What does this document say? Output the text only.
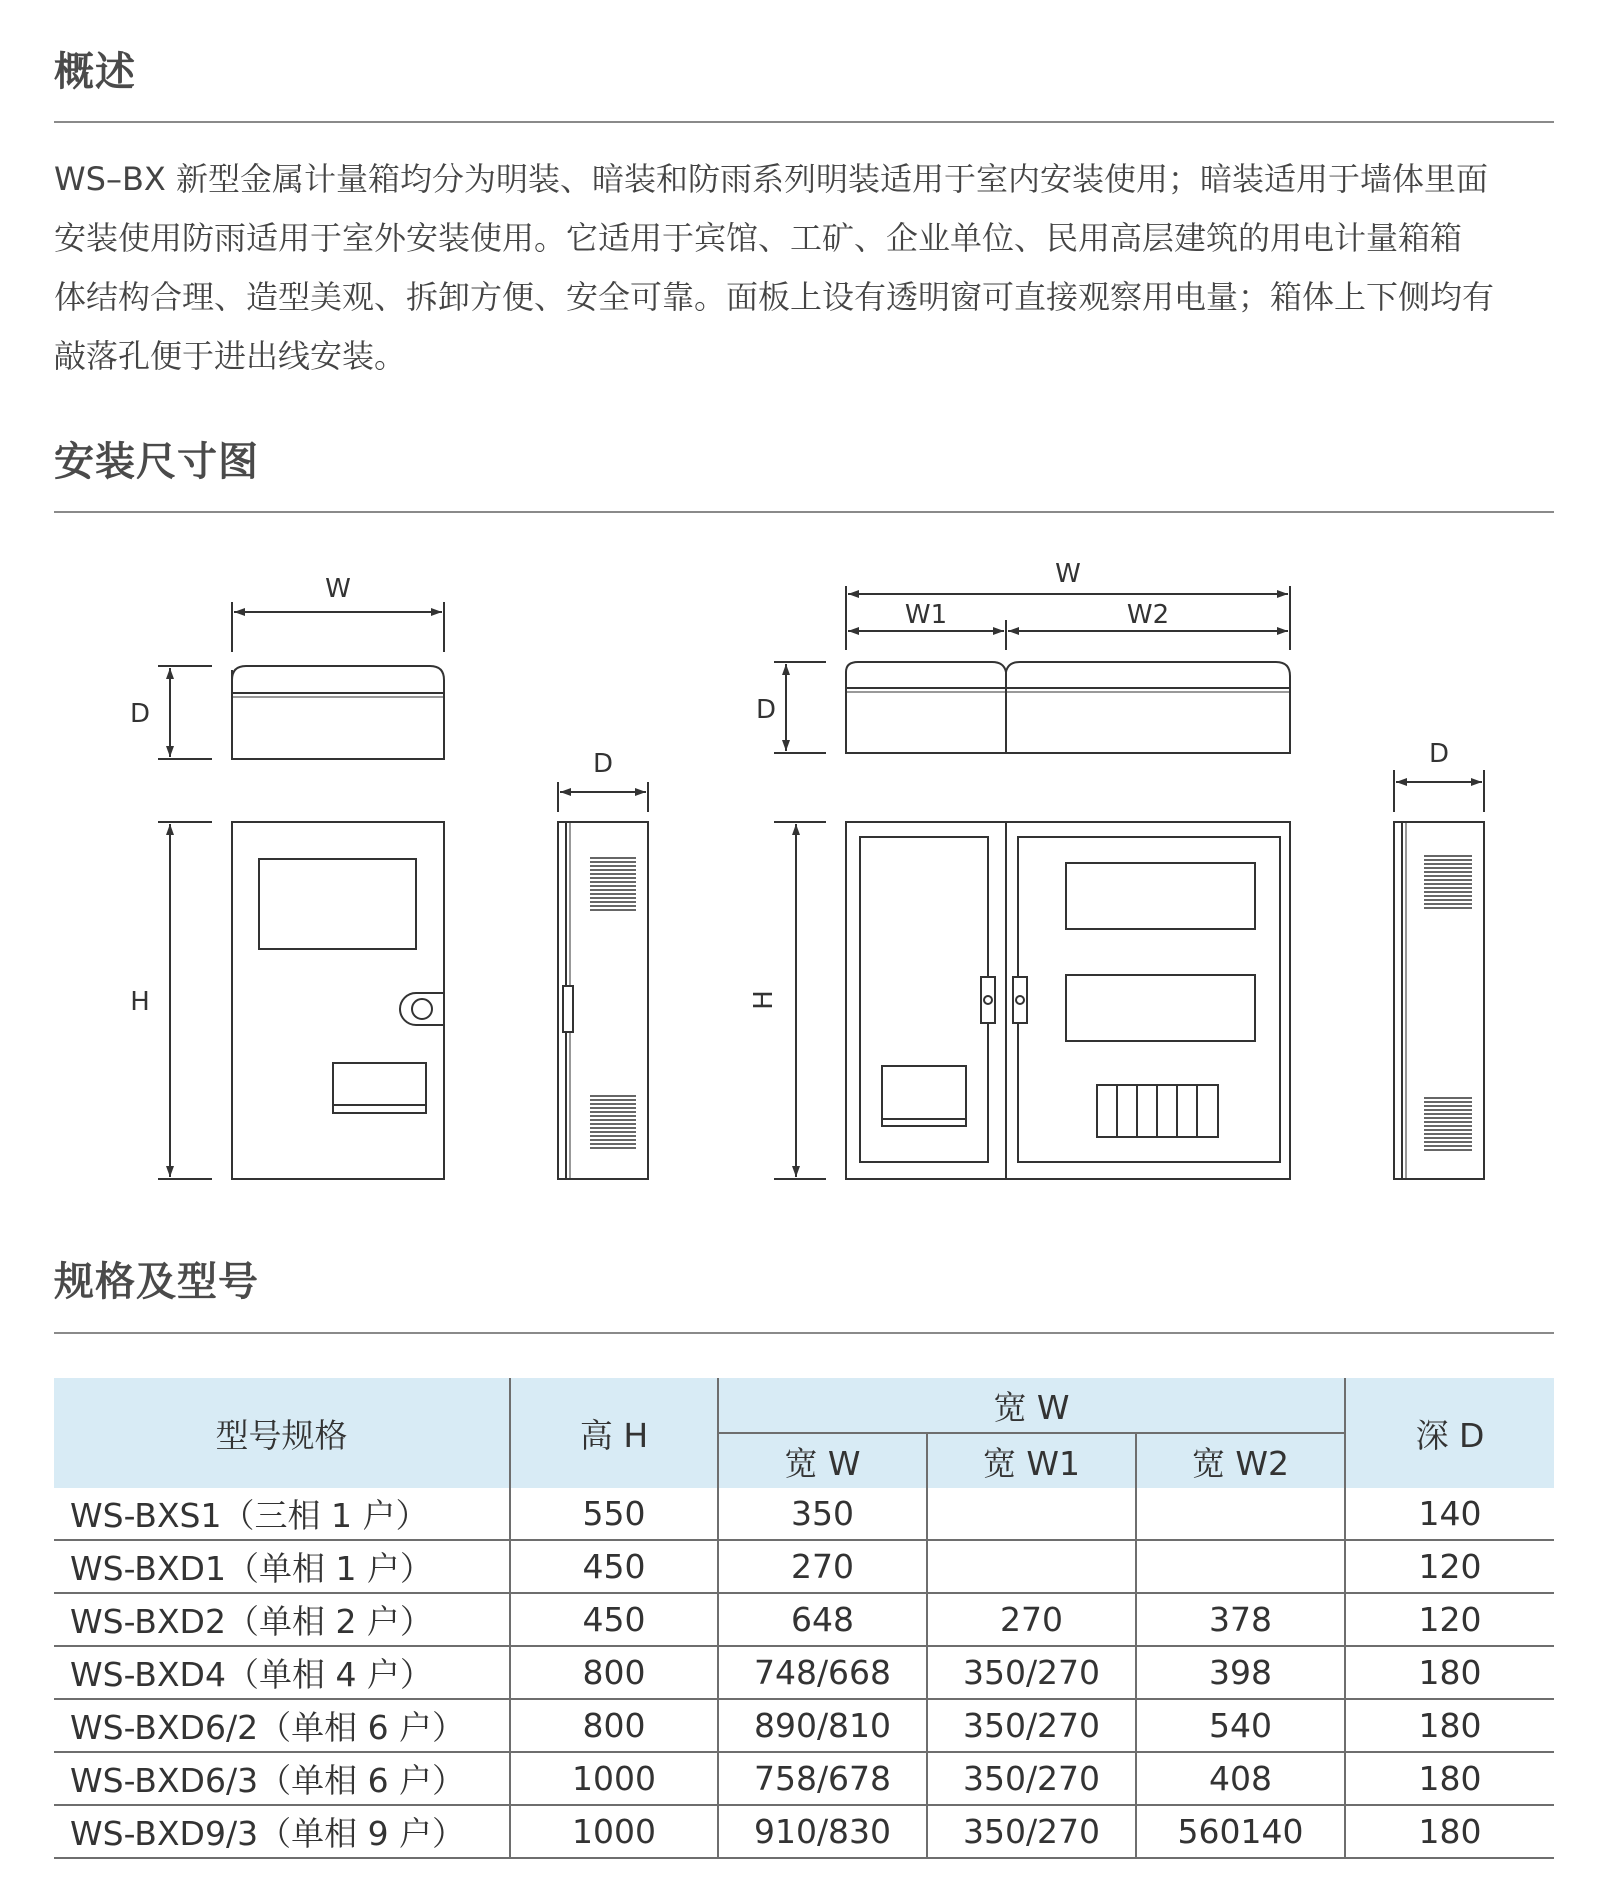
概述

WS–BX 新型金属计量箱均分为明装、暗装和防雨系列明装适用于室内安装使用；暗装适用于墙体里面
安装使用防雨适用于室外安装使用。它适用于宾馆、工矿、企业单位、民用高层建筑的用电计量箱箱
体结构合理、造型美观、拆卸方便、安全可靠。面板上设有透明窗可直接观察用电量；箱体上下侧均有
敲落孔便于进出线安装。

安装尺寸图
W
D
H
D
W
W1	W2
D
H
D
规格及型号
型号规格	高 H	宽 W			深 D
		宽 W	宽 W1	宽 W2	
WS-BXS1（三相 1 户）	550	350			140
WS-BXD1（单相 1 户）	450	270			120
WS-BXD2（单相 2 户）	450	648	270	378	120
WS-BXD4（单相 4 户）	800	748/668	350/270	398	180
WS-BXD6/2（单相 6 户）	800	890/810	350/270	540	180
WS-BXD6/3（单相 6 户）	1000	758/678	350/270	408	180
WS-BXD9/3（单相 9 户）	1000	910/830	350/270	560140	180
